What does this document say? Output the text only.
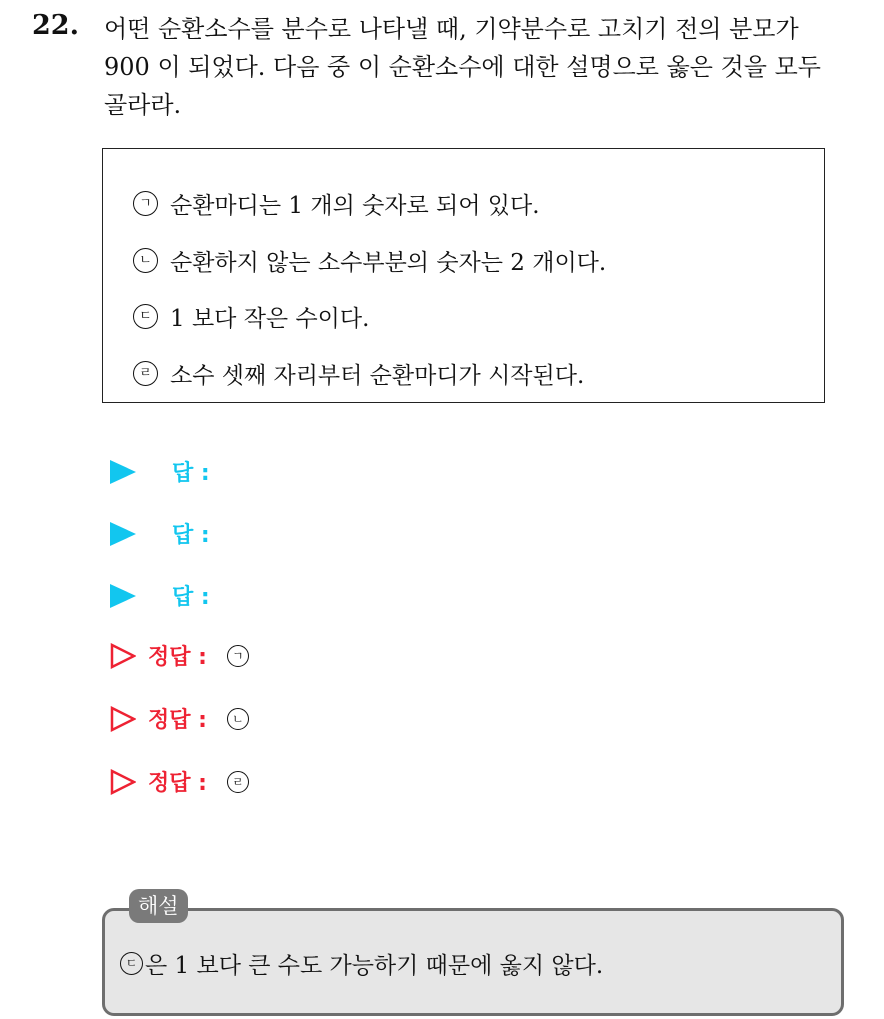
22. 어떤 순환소수를 분수로 나타낼 때, 기약분수로 고치기 전의 분모가
900 이 되었다. 다음 중 이 순환소수에 대한 설명으로 옳은 것을 모두
골라라.
ㄱ 순환마디는 1 개의 숫자로 되어 있다.
ㄴ 순환하지 않는 소수부분의 숫자는 2 개이다.
ㄷ 1 보다 작은 수이다.
ㄹ 소수 셋째 자리부터 순환마디가 시작된다.
답 :
답 :
답 :
정답 :	ㄱ
정답 :	ㄴ
정답 :	ㄹ
해설
ㄷ 은 1 보다 큰 수도 가능하기 때문에 옳지 않다.
